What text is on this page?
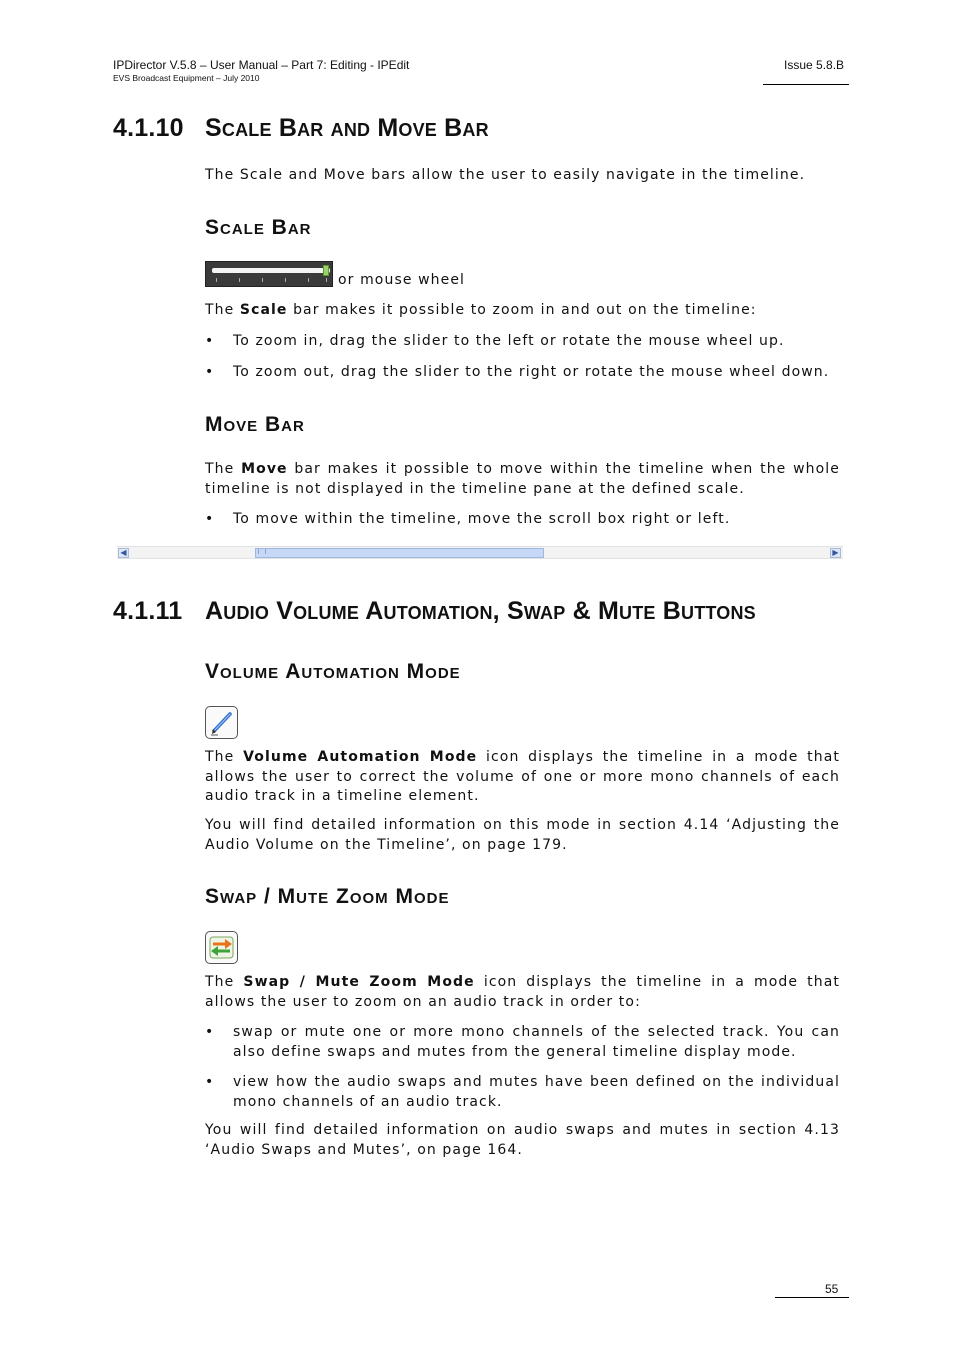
IPDirector V.5.8 – User Manual – Part 7: Editing - IPEdit
EVS Broadcast Equipment – July 2010
Issue 5.8.B
4.1.10 Scale Bar and Move Bar
The Scale and Move bars allow the user to easily navigate in the timeline.
Scale Bar
or mouse wheel
The Scale bar makes it possible to zoom in and out on the timeline:
• To zoom in, drag the slider to the left or rotate the mouse wheel up.
• To zoom out, drag the slider to the right or rotate the mouse wheel down.
Move Bar
The Move bar makes it possible to move within the timeline when the whole timeline is not displayed in the timeline pane at the defined scale.
• To move within the timeline, move the scroll box right or left.
◀	▶
4.1.11 Audio Volume Automation, Swap & Mute Buttons
Volume Automation Mode
The Volume Automation Mode icon displays the timeline in a mode that allows the user to correct the volume of one or more mono channels of each audio track in a timeline element.
You will find detailed information on this mode in section 4.14 ‘Adjusting the Audio Volume on the Timeline’, on page 179.
Swap / Mute Zoom Mode
The Swap / Mute Zoom Mode icon displays the timeline in a mode that allows the user to zoom on an audio track in order to:
• swap or mute one or more mono channels of the selected track. You can also define swaps and mutes from the general timeline display mode.
• view how the audio swaps and mutes have been defined on the individual mono channels of an audio track.
You will find detailed information on audio swaps and mutes in section 4.13 ‘Audio Swaps and Mutes’, on page 164.
55
